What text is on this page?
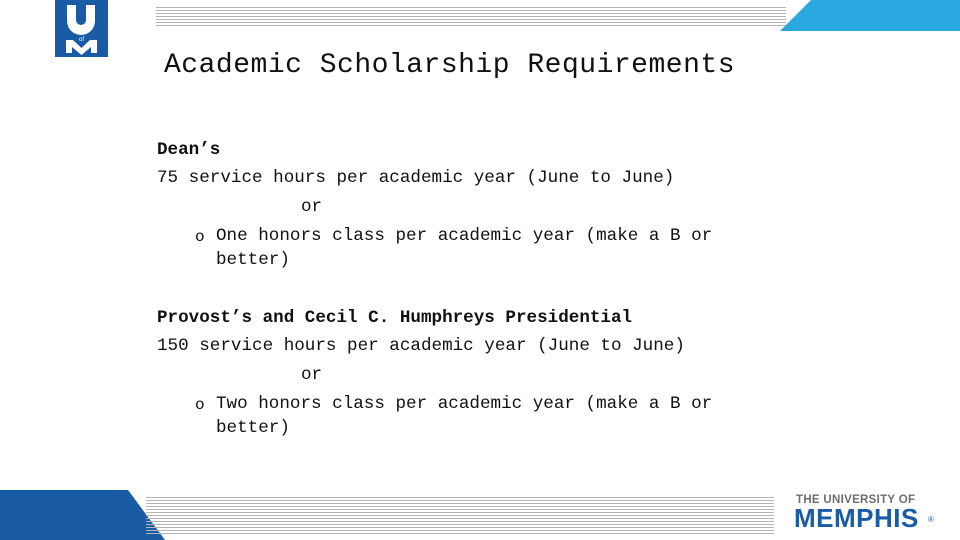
of
Academic Scholarship Requirements
Dean’s
75 service hours per academic year (June to June)
or
o One honors class per academic year (make a B or
better)
Provost’s and Cecil C. Humphreys Presidential
150 service hours per academic year (June to June)
or
o Two honors class per academic year (make a B or
better)
THE UNIVERSITY OF
MEMPHIS ®
